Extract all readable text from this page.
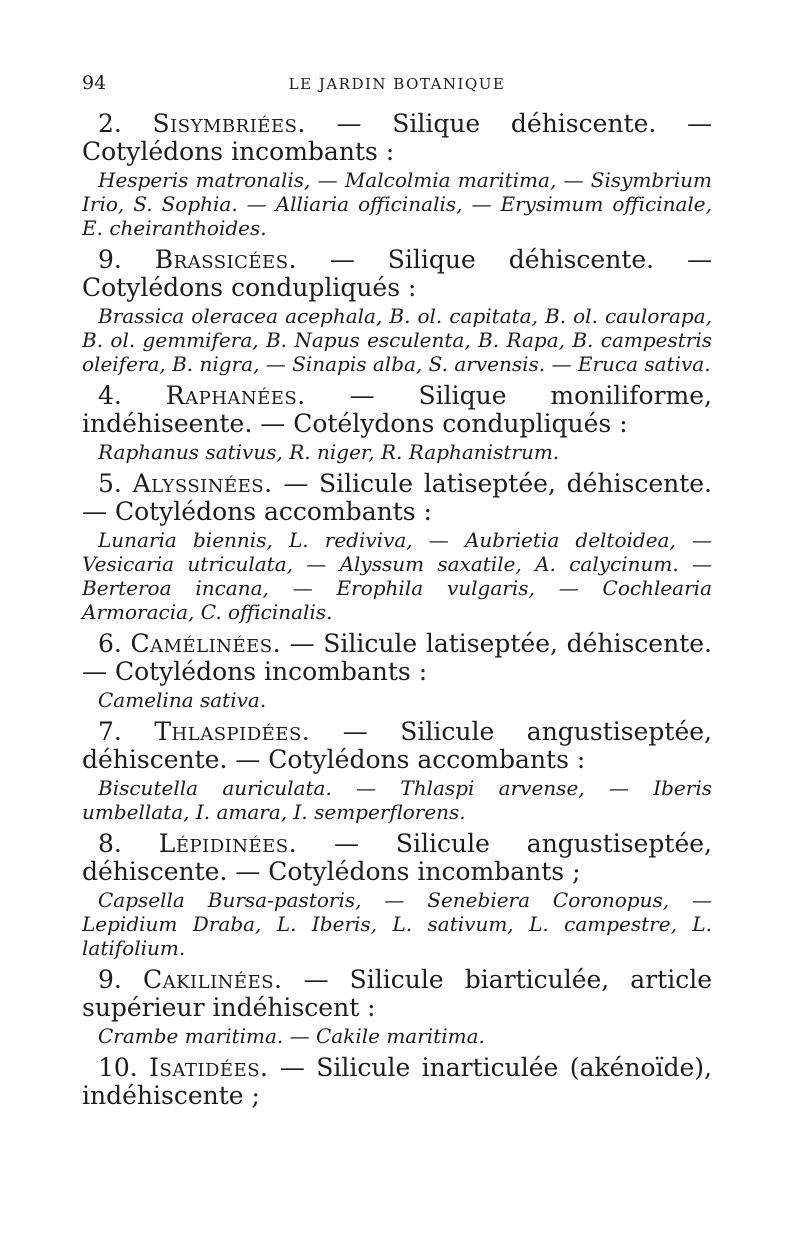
94	LE JARDIN BOTANIQUE
2. Sisymbriées. — Silique déhiscente. — Cotylédons incombants :
Hesperis matronalis, — Malcolmia maritima, — Sisymbrium Irio, S. Sophia. — Alliaria officinalis, — Erysimum officinale, E. cheiranthoides.
9. Brassicées. — Silique déhiscente. — Cotylédons condupliqués :
Brassica oleracea acephala, B. ol. capitata, B. ol. caulorapa, B. ol. gemmifera, B. Napus esculenta, B. Rapa, B. campestris oleifera, B. nigra, — Sinapis alba, S. arvensis. — Eruca sativa.
4. Raphanées. — Silique moniliforme, indéhiseente. — Cotélydons condupliqués :
Raphanus sativus, R. niger, R. Raphanistrum.
5. Alyssinées. — Silicule latiseptée, déhiscente. — Cotylédons accombants :
Lunaria biennis, L. rediviva, — Aubrietia deltoidea, — Vesicaria utriculata, — Alyssum saxatile, A. calycinum. — Berteroa incana, — Erophila vulgaris, — Cochlearia Armoracia, C. officinalis.
6. Camélinées. — Silicule latiseptée, déhiscente. — Cotylédons incombants :
Camelina sativa.
7. Thlaspidées. — Silicule angustiseptée, déhiscente. — Cotylédons accombants :
Biscutella auriculata. — Thlaspi arvense, — Iberis umbellata, I. amara, I. semperflorens.
8. Lépidinées. — Silicule angustiseptée, déhiscente. — Cotylédons incombants ;
Capsella Bursa-pastoris, — Senebiera Coronopus, — Lepidium Draba, L. Iberis, L. sativum, L. campestre, L. latifolium.
9. Cakilinées. — Silicule biarticulée, article supérieur indéhiscent :
Crambe maritima. — Cakile maritima.
10. Isatidées. — Silicule inarticulée (akénoïde), indéhiscente ;
